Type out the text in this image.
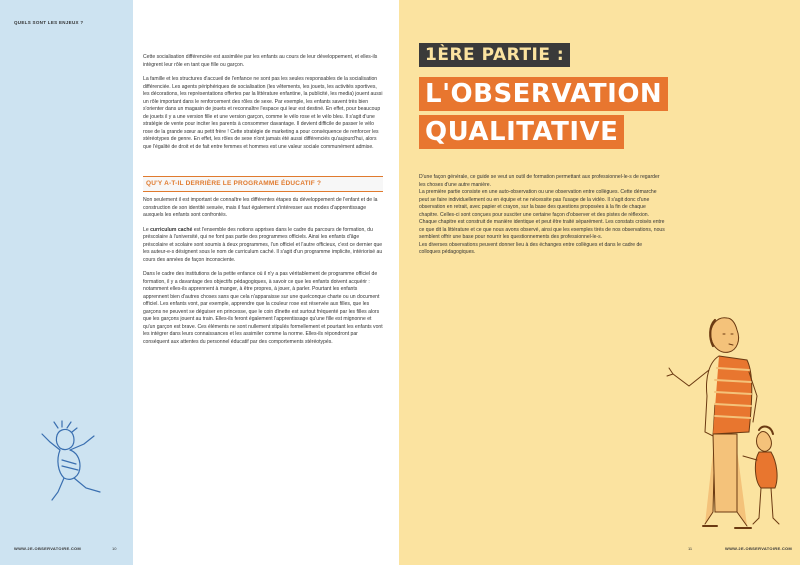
QUELS SONT LES ENJEUX ?

Cette socialisation différenciée est assimilée par les enfants au cours de leur développement, et elles-ils intègrent leur rôle en tant que fille ou garçon.

La famille et les structures d'accueil de l'enfance ne sont pas les seules responsables de la socialisation différenciée. Les agents périphériques de socialisation (les vêtements, les jouets, les activités sportives, les décorations, les représentations offertes par la littérature enfantine, la publicité, les media) jouent aussi un rôle important dans le renforcement des rôles de sexe. Par exemple, les enfants savent très bien s'orienter dans un magasin de jouets et reconnaître l'espace qui leur est destiné. En effet, pour beaucoup de jouets il y a une version fille et une version garçon, comme le vélo rose et le vélo bleu. Il s'agit d'une stratégie de vente pour inciter les parents à consommer davantage. Il devient difficile de passer le vélo rose de la grande sœur au petit frère ! Cette stratégie de marketing a pour conséquence de renforcer les stéréotypes de genre. En effet, les rôles de sexe n'ont jamais été aussi différenciés qu'aujourd'hui, alors que l'égalité de droit et de fait entre femmes et hommes est une valeur sociale communément admise.

QU'Y A-T-IL DERRIÈRE LE PROGRAMME ÉDUCATIF ?

Non seulement il est important de connaître les différentes étapes du développement de l'enfant et de la construction de son identité sexuée, mais il faut également s'intéresser aux modes d'apprentissage auxquels les enfants sont confrontés.

Le curriculum caché est l'ensemble des notions apprises dans le cadre du parcours de formation, du préscolaire à l'université, qui ne font pas partie des programmes officiels. Ainsi les enfants d'âge préscolaire et scolaire sont soumis à deux programmes, l'un officiel et l'autre officieux, c'est ce dernier que les auteur-e-s désignent sous le nom de curriculum caché. Il s'agit d'un programme implicite, intériorisé au cours des années de façon inconsciente.

Dans le cadre des institutions de la petite enfance où il n'y a pas véritablement de programme officiel de formation, il y a davantage des objectifs pédagogiques, à savoir ce que les enfants doivent acquérir : notamment elles-ils apprennent à manger, à être propres, à jouer, à parler. Pourtant les enfants apprennent bien d'autres choses sans que cela n'apparaisse sur une quelconque charte ou un document officiel. Les enfants vont, par exemple, apprendre que la couleur rose est réservée aux filles, que les garçons ne peuvent se déguiser en princesse, que le coin dînette est surtout fréquenté par les filles alors que les garçons jouent au train. Elles-ils feront également l'apprentissage qu'une fille est mignonne et qu'un garçon est brave. Ces éléments ne sont nullement stipulés formellement et pourtant les enfants vont les intégrer dans leurs connaissances et les assimiler comme la norme. Elles-ils répondront par conséquent aux attentes du personnel éducatif par des comportements stéréotypés.

WWW.2E-OBSERVATOIRE.COM	10
1ÈRE PARTIE :
L'OBSERVATION
QUALITATIVE

D'une façon générale, ce guide se veut un outil de formation permettant aux professionnel-le-s de regarder les choses d'une autre manière.

La première partie consiste en une auto-observation ou une observation entre collègues. Cette démarche peut se faire individuellement ou en équipe et ne nécessite pas l'usage de la vidéo. Il s'agit donc d'une observation en retrait, avec papier et crayon, sur la base des questions proposées à la fin de chaque chapitre. Celles-ci sont conçues pour susciter une certaine façon d'observer et des pistes de réflexion.

Chaque chapitre est construit de manière identique et peut être traité séparément. Les constats croisés entre ce que dit la littérature et ce que nous avons observé, ainsi que les exemples tirés de nos observations, nous semblent offrir une base pour nourrir les questionnements des professionnel-le-s.

Les diverses observations peuvent donner lieu à des échanges entre collègues et dans le cadre de colloques pédagogiques.

11	WWW.2E-OBSERVATOIRE.COM
